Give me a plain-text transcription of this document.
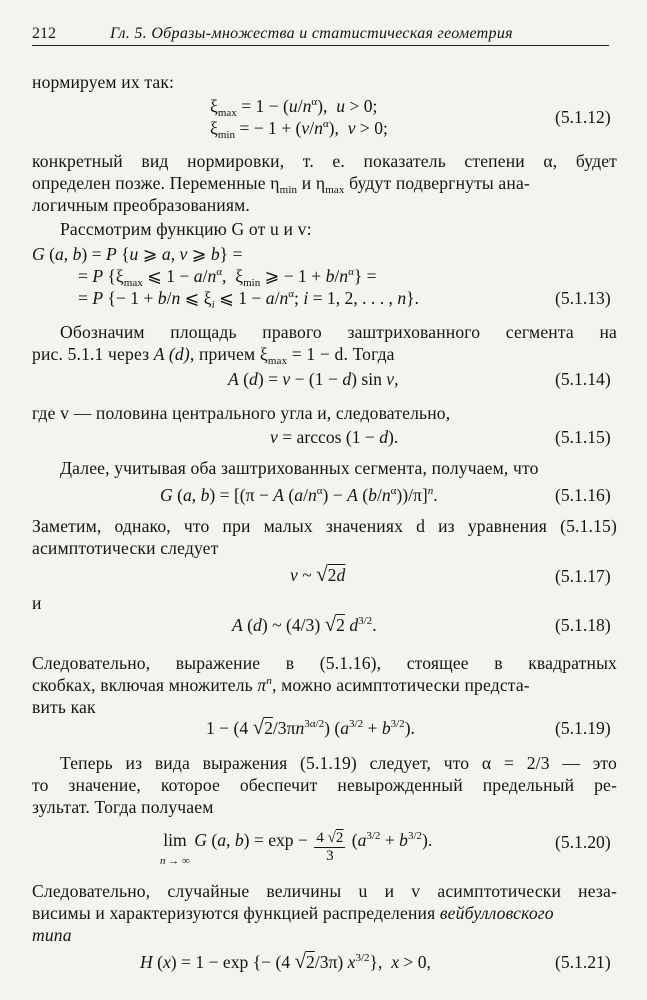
212	Гл. 5. Образы-множества и статистическая геометрия
нормируем их так:
$\xi_{max} = 1 - (u/n^\alpha)$,  u > 0;
$\xi_{min}$ = − $1 + (v/n^\alpha)$,  v > 0;
(5.1.12)
конкретный вид нормировки, т. е. показатель степени α, будет
определен позже. Переменные $\eta_{min}$ и $\eta_{max}$ будут подвергнуты ана-
логичным преобразованиям.
Рассмотрим функцию G от u и v:
G (a, b) = P {u ⩾ a, v ⩾ b} =
= P {$\xi_{max}$ ⩽ $1 - a/n^\alpha$,  $\xi_{min}$ ⩾ − $1 + b/n^\alpha$} =
= P {− 1 + b/n ⩽ $\xi_i$ ⩽ $1 - a/n^\alpha$; i = 1, 2, . . . , n}.	(5.1.13)
Обозначим площадь правого заштрихованного сегмента на
рис. 5.1.1 через A (d), причем $\xi_{max} = 1 - d$. Тогда
A (d) = v − (1 − d) sin v,	(5.1.14)
где v — половина центрального угла и, следовательно,
v = arccos (1 − d).	(5.1.15)
Далее, учитывая оба заштрихованных сегмента, получаем, что
G (a, b) = [(π − A $(a/n^\alpha) - A$ $(b/n^\alpha))/\pi]^n$.	(5.1.16)
Заметим, однако, что при малых значениях d из уравнения (5.1.15)
асимптотически следует
v ~ √2d	(5.1.17)
и
A (d) ~ (4/3) √2 $d^{3/2}$.	(5.1.18)
Следовательно, выражение в (5.1.16), стоящее в квадратных
скобках, включая множитель $\pi^n$, можно асимптотически предста-
вить как
1 − (4 $√2/3\pi n^{3\alpha/2}$) $(a^{3/2} + b^{3/2})$.	(5.1.19)
Теперь из вида выражения (5.1.19) следует, что α = 2/3 — это
то значение, которое обеспечит невырожденный предельный ре-
зультат. Тогда получаем
lim
n → ∞ G (a, $b) = \exp - \frac{4 √2}{3} (a^{3/2} + b^{3/2})$.	(5.1.20)
Следовательно, случайные величины u и v асимптотически неза-
висимы и характеризуются функцией распределения вейбулловского
типа
H (x) = 1 − exp {− (4 √2/3π) $x^{3/2}$},  x > 0,	(5.1.21)
